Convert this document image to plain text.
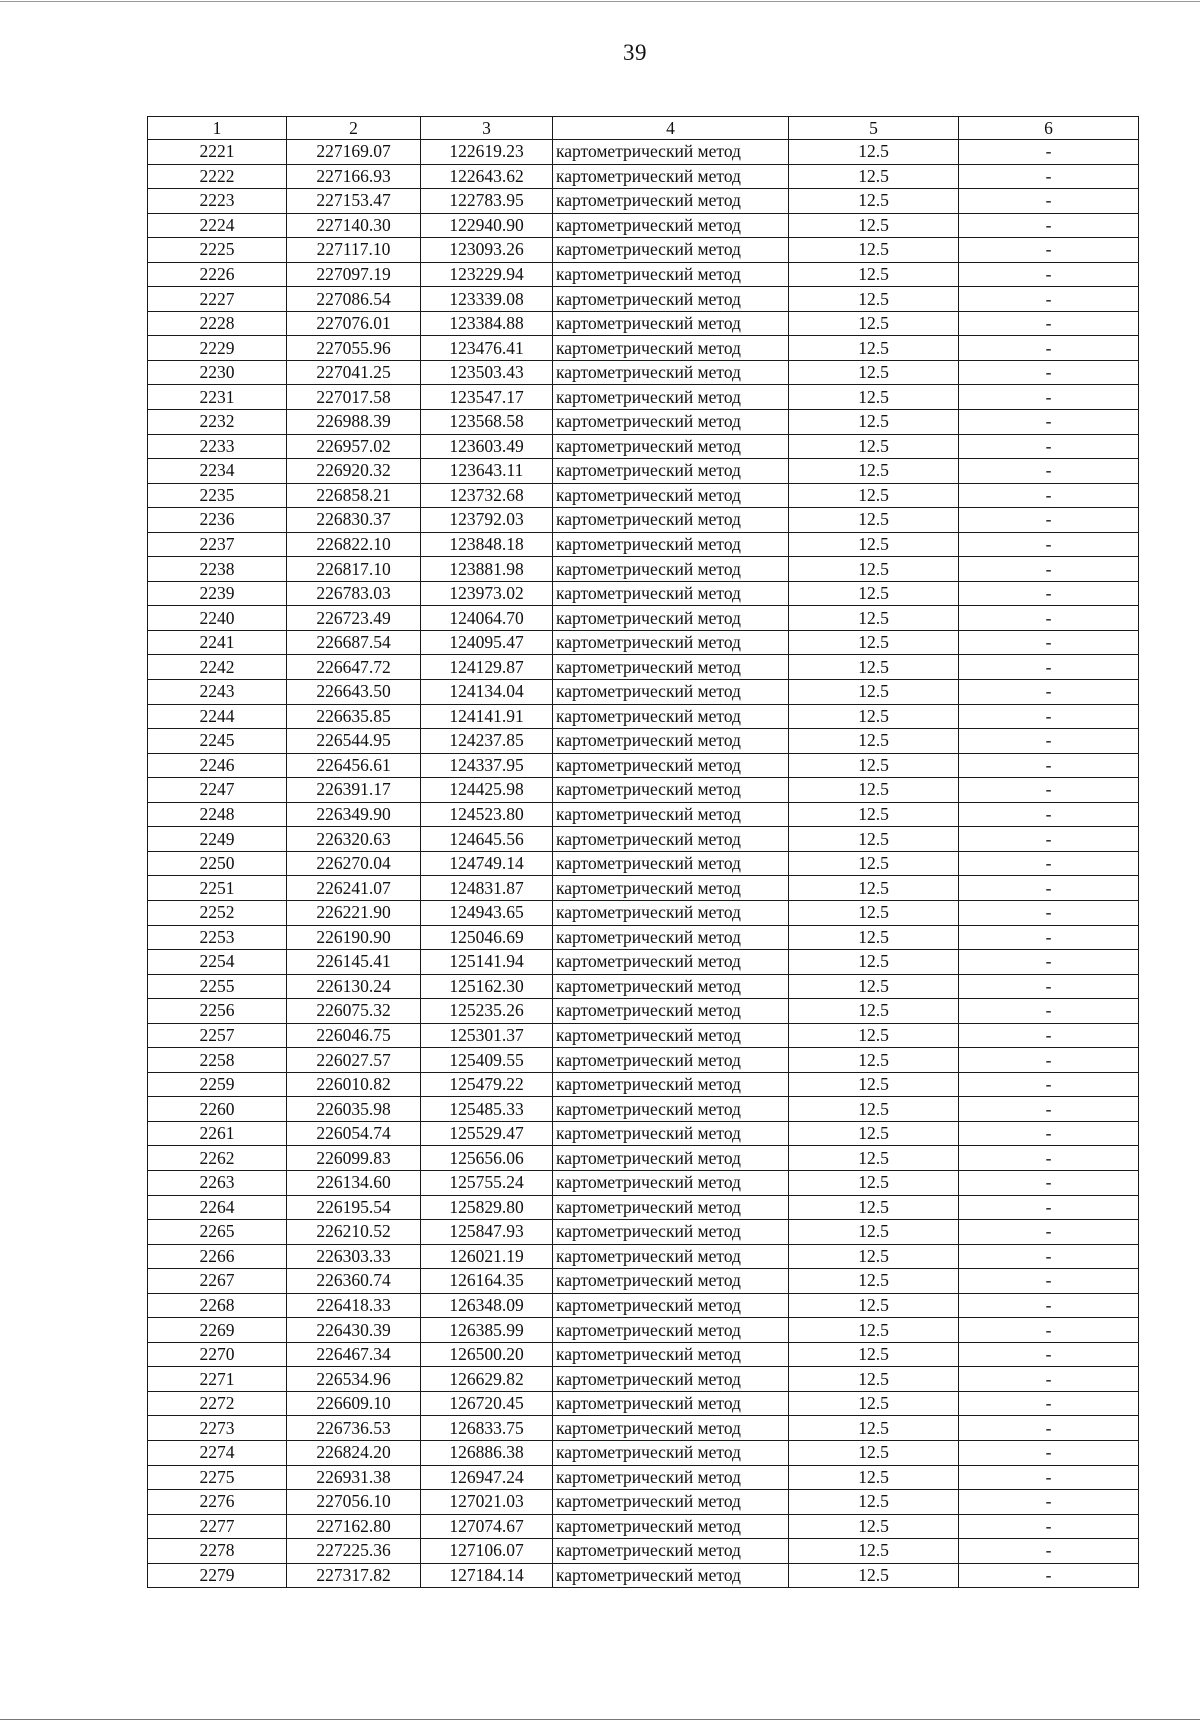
39
1	2	3	4	5	6
2221	227169.07	122619.23	картометрический метод	12.5	-
2222	227166.93	122643.62	картометрический метод	12.5	-
2223	227153.47	122783.95	картометрический метод	12.5	-
2224	227140.30	122940.90	картометрический метод	12.5	-
2225	227117.10	123093.26	картометрический метод	12.5	-
2226	227097.19	123229.94	картометрический метод	12.5	-
2227	227086.54	123339.08	картометрический метод	12.5	-
2228	227076.01	123384.88	картометрический метод	12.5	-
2229	227055.96	123476.41	картометрический метод	12.5	-
2230	227041.25	123503.43	картометрический метод	12.5	-
2231	227017.58	123547.17	картометрический метод	12.5	-
2232	226988.39	123568.58	картометрический метод	12.5	-
2233	226957.02	123603.49	картометрический метод	12.5	-
2234	226920.32	123643.11	картометрический метод	12.5	-
2235	226858.21	123732.68	картометрический метод	12.5	-
2236	226830.37	123792.03	картометрический метод	12.5	-
2237	226822.10	123848.18	картометрический метод	12.5	-
2238	226817.10	123881.98	картометрический метод	12.5	-
2239	226783.03	123973.02	картометрический метод	12.5	-
2240	226723.49	124064.70	картометрический метод	12.5	-
2241	226687.54	124095.47	картометрический метод	12.5	-
2242	226647.72	124129.87	картометрический метод	12.5	-
2243	226643.50	124134.04	картометрический метод	12.5	-
2244	226635.85	124141.91	картометрический метод	12.5	-
2245	226544.95	124237.85	картометрический метод	12.5	-
2246	226456.61	124337.95	картометрический метод	12.5	-
2247	226391.17	124425.98	картометрический метод	12.5	-
2248	226349.90	124523.80	картометрический метод	12.5	-
2249	226320.63	124645.56	картометрический метод	12.5	-
2250	226270.04	124749.14	картометрический метод	12.5	-
2251	226241.07	124831.87	картометрический метод	12.5	-
2252	226221.90	124943.65	картометрический метод	12.5	-
2253	226190.90	125046.69	картометрический метод	12.5	-
2254	226145.41	125141.94	картометрический метод	12.5	-
2255	226130.24	125162.30	картометрический метод	12.5	-
2256	226075.32	125235.26	картометрический метод	12.5	-
2257	226046.75	125301.37	картометрический метод	12.5	-
2258	226027.57	125409.55	картометрический метод	12.5	-
2259	226010.82	125479.22	картометрический метод	12.5	-
2260	226035.98	125485.33	картометрический метод	12.5	-
2261	226054.74	125529.47	картометрический метод	12.5	-
2262	226099.83	125656.06	картометрический метод	12.5	-
2263	226134.60	125755.24	картометрический метод	12.5	-
2264	226195.54	125829.80	картометрический метод	12.5	-
2265	226210.52	125847.93	картометрический метод	12.5	-
2266	226303.33	126021.19	картометрический метод	12.5	-
2267	226360.74	126164.35	картометрический метод	12.5	-
2268	226418.33	126348.09	картометрический метод	12.5	-
2269	226430.39	126385.99	картометрический метод	12.5	-
2270	226467.34	126500.20	картометрический метод	12.5	-
2271	226534.96	126629.82	картометрический метод	12.5	-
2272	226609.10	126720.45	картометрический метод	12.5	-
2273	226736.53	126833.75	картометрический метод	12.5	-
2274	226824.20	126886.38	картометрический метод	12.5	-
2275	226931.38	126947.24	картометрический метод	12.5	-
2276	227056.10	127021.03	картометрический метод	12.5	-
2277	227162.80	127074.67	картометрический метод	12.5	-
2278	227225.36	127106.07	картометрический метод	12.5	-
2279	227317.82	127184.14	картометрический метод	12.5	-
